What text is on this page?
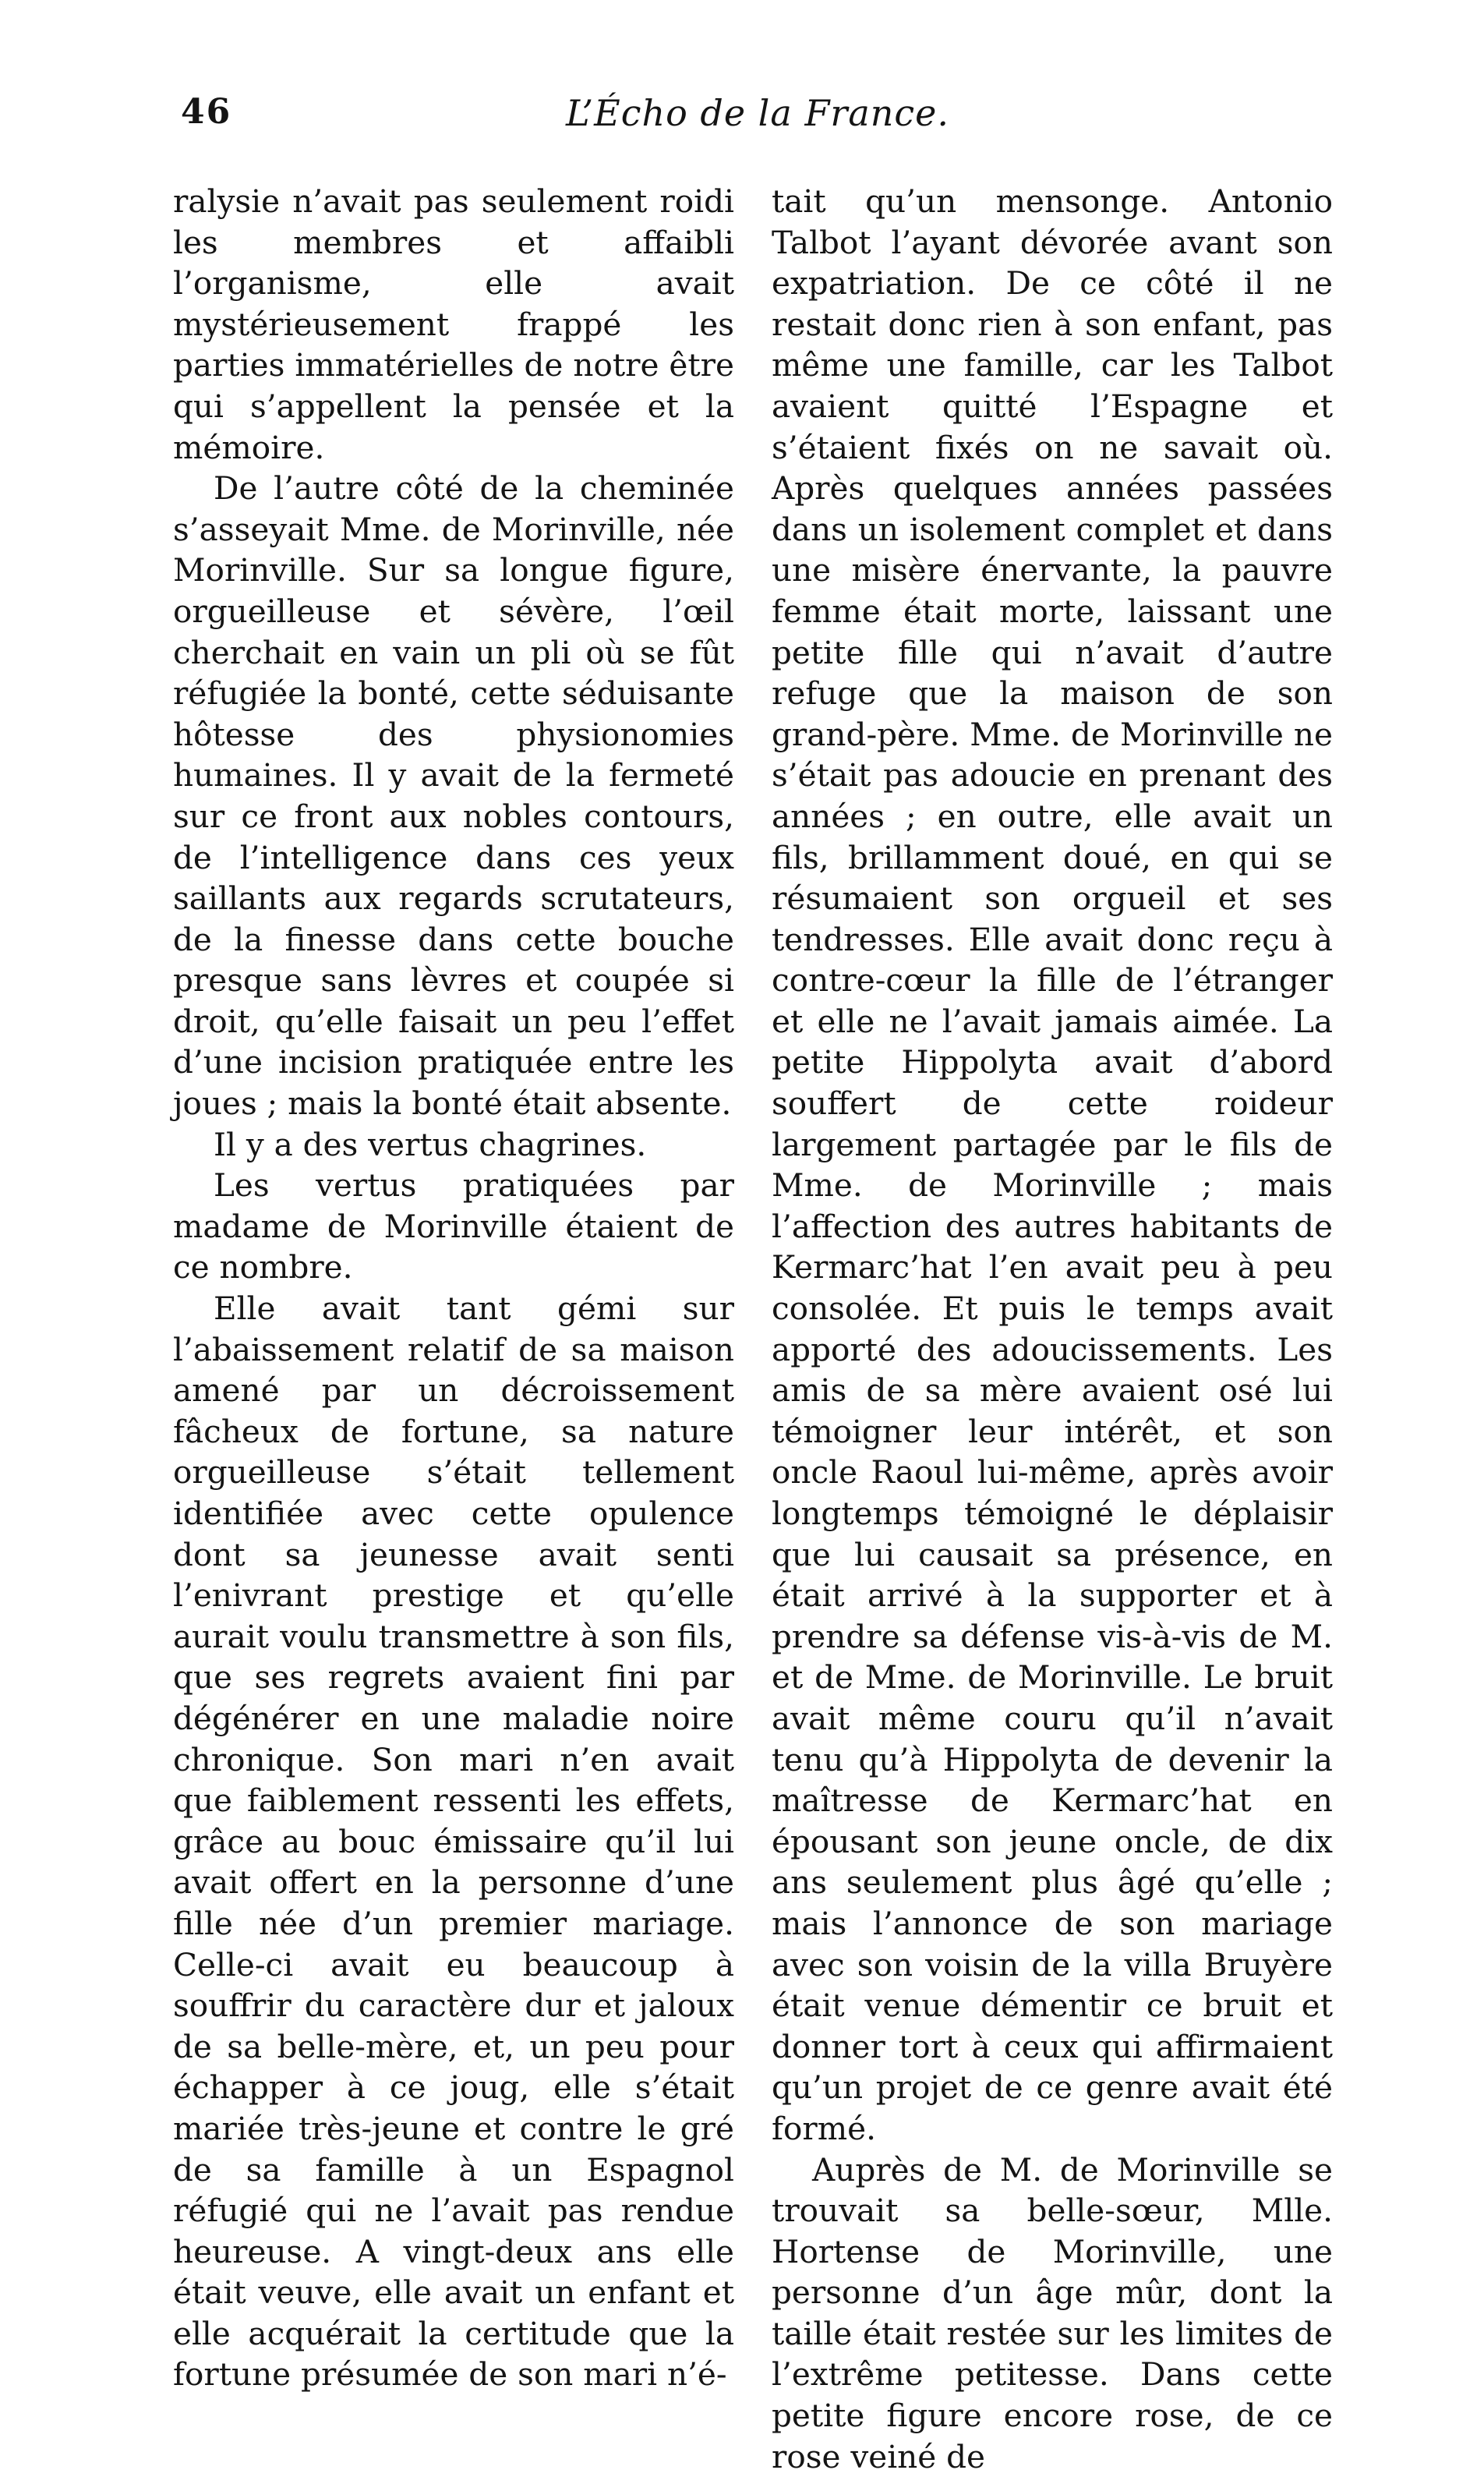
46	L’Écho de la France.

ralysie n’avait pas seulement roidi les membres et affaibli l’organisme, elle avait mystérieusement frappé les parties immatérielles de notre être qui s’appellent la pensée et la mémoire.

De l’autre côté de la cheminée s’asseyait Mme. de Morinville, née Morinville. Sur sa longue figure, orgueilleuse et sévère, l’œil cherchait en vain un pli où se fût réfugiée la bonté, cette séduisante hôtesse des physionomies humaines. Il y avait de la fermeté sur ce front aux nobles contours, de l’intelligence dans ces yeux saillants aux regards scrutateurs, de la finesse dans cette bouche presque sans lèvres et coupée si droit, qu’elle faisait un peu l’effet d’une incision pratiquée entre les joues ; mais la bonté était absente.

Il y a des vertus chagrines.

Les vertus pratiquées par madame de Morinville étaient de ce nombre.

Elle avait tant gémi sur l’abaissement relatif de sa maison amené par un décroissement fâcheux de fortune, sa nature orgueilleuse s’était tellement identifiée avec cette opulence dont sa jeunesse avait senti l’enivrant prestige et qu’elle aurait voulu transmettre à son fils, que ses regrets avaient fini par dégénérer en une maladie noire chronique. Son mari n’en avait que faiblement ressenti les effets, grâce au bouc émissaire qu’il lui avait offert en la personne d’une fille née d’un premier mariage. Celle-ci avait eu beaucoup à souffrir du caractère dur et jaloux de sa belle-mère, et, un peu pour échapper à ce joug, elle s’était mariée très-jeune et contre le gré de sa famille à un Espagnol réfugié qui ne l’avait pas rendue heureuse. A vingt-deux ans elle était veuve, elle avait un enfant et elle acquérait la certitude que la fortune présumée de son mari n’é-

tait qu’un mensonge. Antonio Talbot l’ayant dévorée avant son expatriation. De ce côté il ne restait donc rien à son enfant, pas même une famille, car les Talbot avaient quitté l’Espagne et s’étaient fixés on ne savait où. Après quelques années passées dans un isolement complet et dans une misère énervante, la pauvre femme était morte, laissant une petite fille qui n’avait d’autre refuge que la maison de son grand-père. Mme. de Morinville ne s’était pas adoucie en prenant des années ; en outre, elle avait un fils, brillamment doué, en qui se résumaient son orgueil et ses tendresses. Elle avait donc reçu à contre-cœur la fille de l’étranger et elle ne l’avait jamais aimée. La petite Hippolyta avait d’abord souffert de cette roideur largement partagée par le fils de Mme. de Morinville ; mais l’affection des autres habitants de Kermarc’hat l’en avait peu à peu consolée. Et puis le temps avait apporté des adoucissements. Les amis de sa mère avaient osé lui témoigner leur intérêt, et son oncle Raoul lui-même, après avoir longtemps témoigné le déplaisir que lui causait sa présence, en était arrivé à la supporter et à prendre sa défense vis-à-vis de M. et de Mme. de Morinville. Le bruit avait même couru qu’il n’avait tenu qu’à Hippolyta de devenir la maîtresse de Kermarc’hat en épousant son jeune oncle, de dix ans seulement plus âgé qu’elle ; mais l’annonce de son mariage avec son voisin de la villa Bruyère était venue démentir ce bruit et donner tort à ceux qui affirmaient qu’un projet de ce genre avait été formé.

Auprès de M. de Morinville se trouvait sa belle-sœur, Mlle. Hortense de Morinville, une personne d’un âge mûr, dont la taille était restée sur les limites de l’extrême petitesse. Dans cette petite figure encore rose, de ce rose veiné de
